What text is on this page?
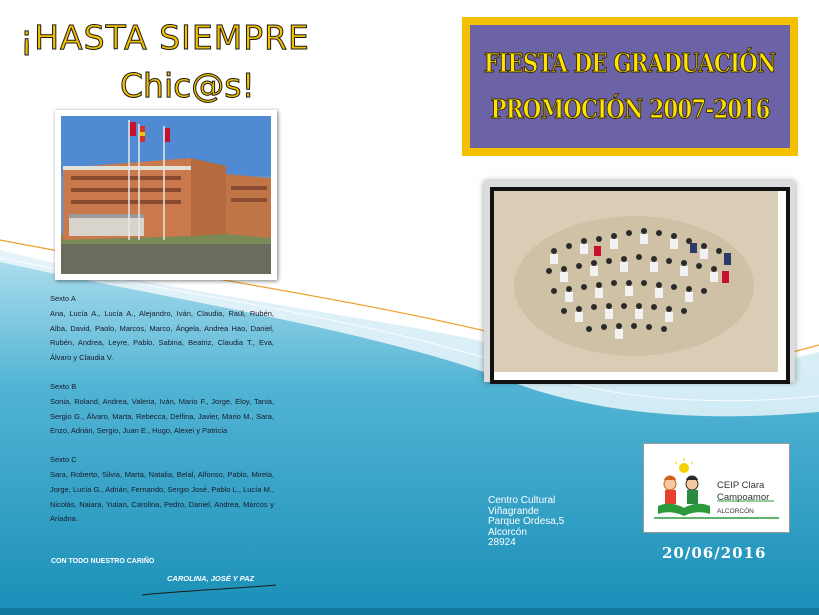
¡HASTA SIEMPRE
Chic@s!
FIESTA DE GRADUACIÓN
PROMOCIÓN 2007-2016
Sexto A
Ana, Lucía A., Lucía A., Alejandro, Iván, Claudia, Raúl, Rubén, Alba, David, Paolo, Marcos, Marco, Ángela, Andrea Hao, Daniel, Rubén, Andrea, Leyre, Pablo, Sabina, Beatriz, Claudia T., Eva, Álvaro y Claudia V.
Sexto B
Sonia, Roland, Andrea, Valeria, Iván, Mario F., Jorge, Eloy, Tania, Sergio G., Álvaro, Marta, Rebecca, Delfina, Javier, Mario M., Sara, Enzo, Adrián, Sergio, Juan E., Hugo, Alexei y Patricia
Sexto C
Sara, Roberto, Silvia, Marta, Natalia, Belal, Alfonso, Pablo, Mirela, Jorge, Lucía G., Adrián, Fernando, Sergio José, Pablo L., Lucía M., Nicolás, Naiara, Yutian, Carolina, Pedro, Daniel, Andrea, Marcos y Ariadna.
CON TODO NUESTRO CARIÑO
CAROLINA, JOSÉ Y PAZ
Centro Cultural
Viñagrande
Parque Ordesa,5
Alcorcón
28924
CEIP Clara
Campoamor
ALCORCÓN
20/06/2016
